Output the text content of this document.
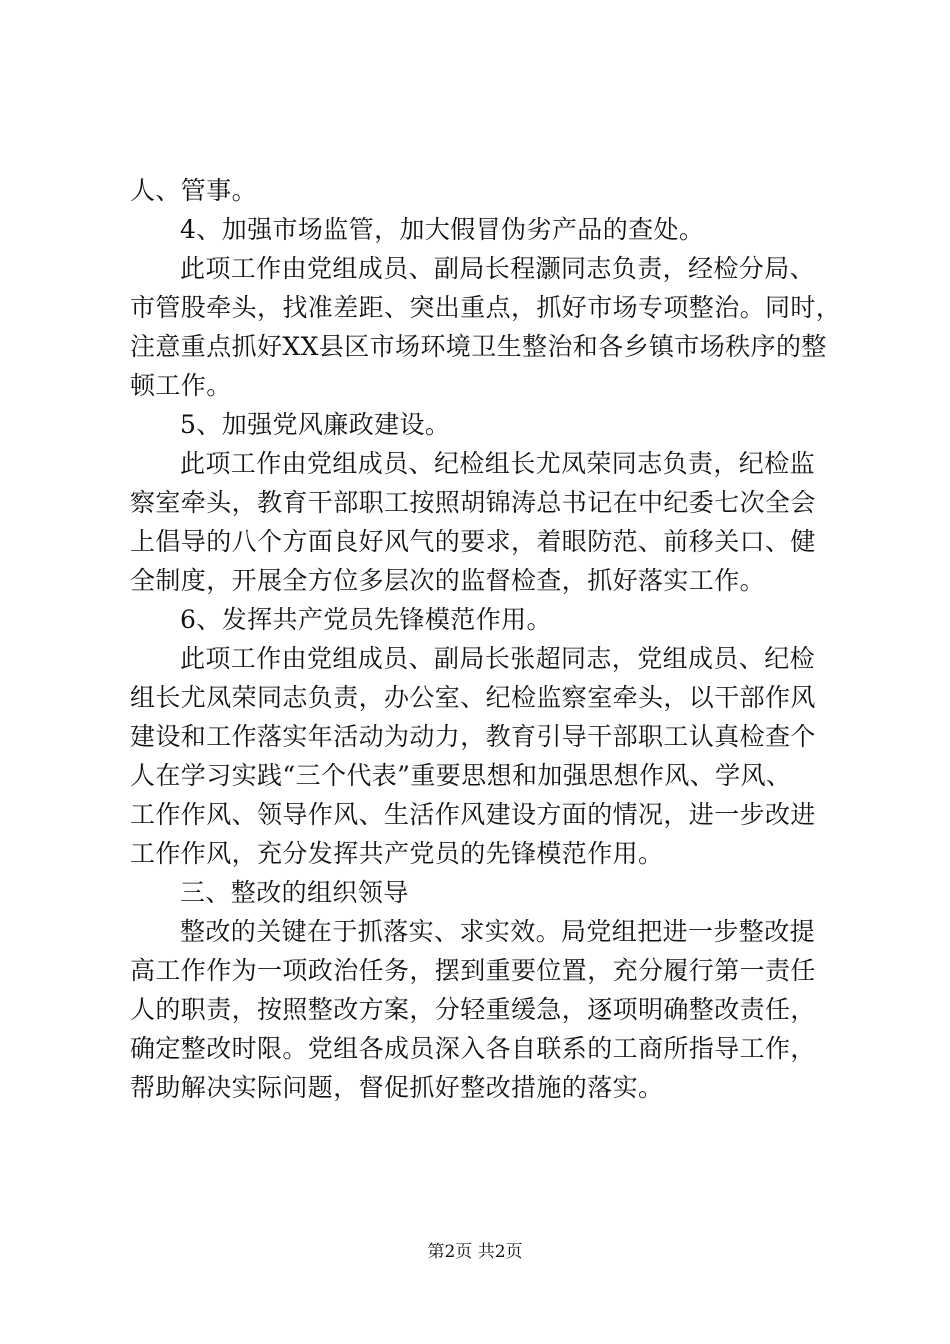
人、管事。
4、加强市场监管，加大假冒伪劣产品的查处。
此项工作由党组成员、副局长程灏同志负责，经检分局、
市管股牵头，找准差距、突出重点，抓好市场专项整治。同时，
注意重点抓好XX县区市场环境卫生整治和各乡镇市场秩序的整
顿工作。
5、加强党风廉政建设。
此项工作由党组成员、纪检组长尤凤荣同志负责，纪检监
察室牵头，教育干部职工按照胡锦涛总书记在中纪委七次全会
上倡导的八个方面良好风气的要求，着眼防范、前移关口、健
全制度，开展全方位多层次的监督检查，抓好落实工作。
6、发挥共产党员先锋模范作用。
此项工作由党组成员、副局长张超同志，党组成员、纪检
组长尤凤荣同志负责，办公室、纪检监察室牵头，以干部作风
建设和工作落实年活动为动力，教育引导干部职工认真检查个
人在学习实践“三个代表”重要思想和加强思想作风、学风、
工作作风、领导作风、生活作风建设方面的情况，进一步改进
工作作风，充分发挥共产党员的先锋模范作用。
三、整改的组织领导
整改的关键在于抓落实、求实效。局党组把进一步整改提
高工作作为一项政治任务，摆到重要位置，充分履行第一责任
人的职责，按照整改方案，分轻重缓急，逐项明确整改责任，
确定整改时限。党组各成员深入各自联系的工商所指导工作，
帮助解决实际问题，督促抓好整改措施的落实。
第2页 共2页
